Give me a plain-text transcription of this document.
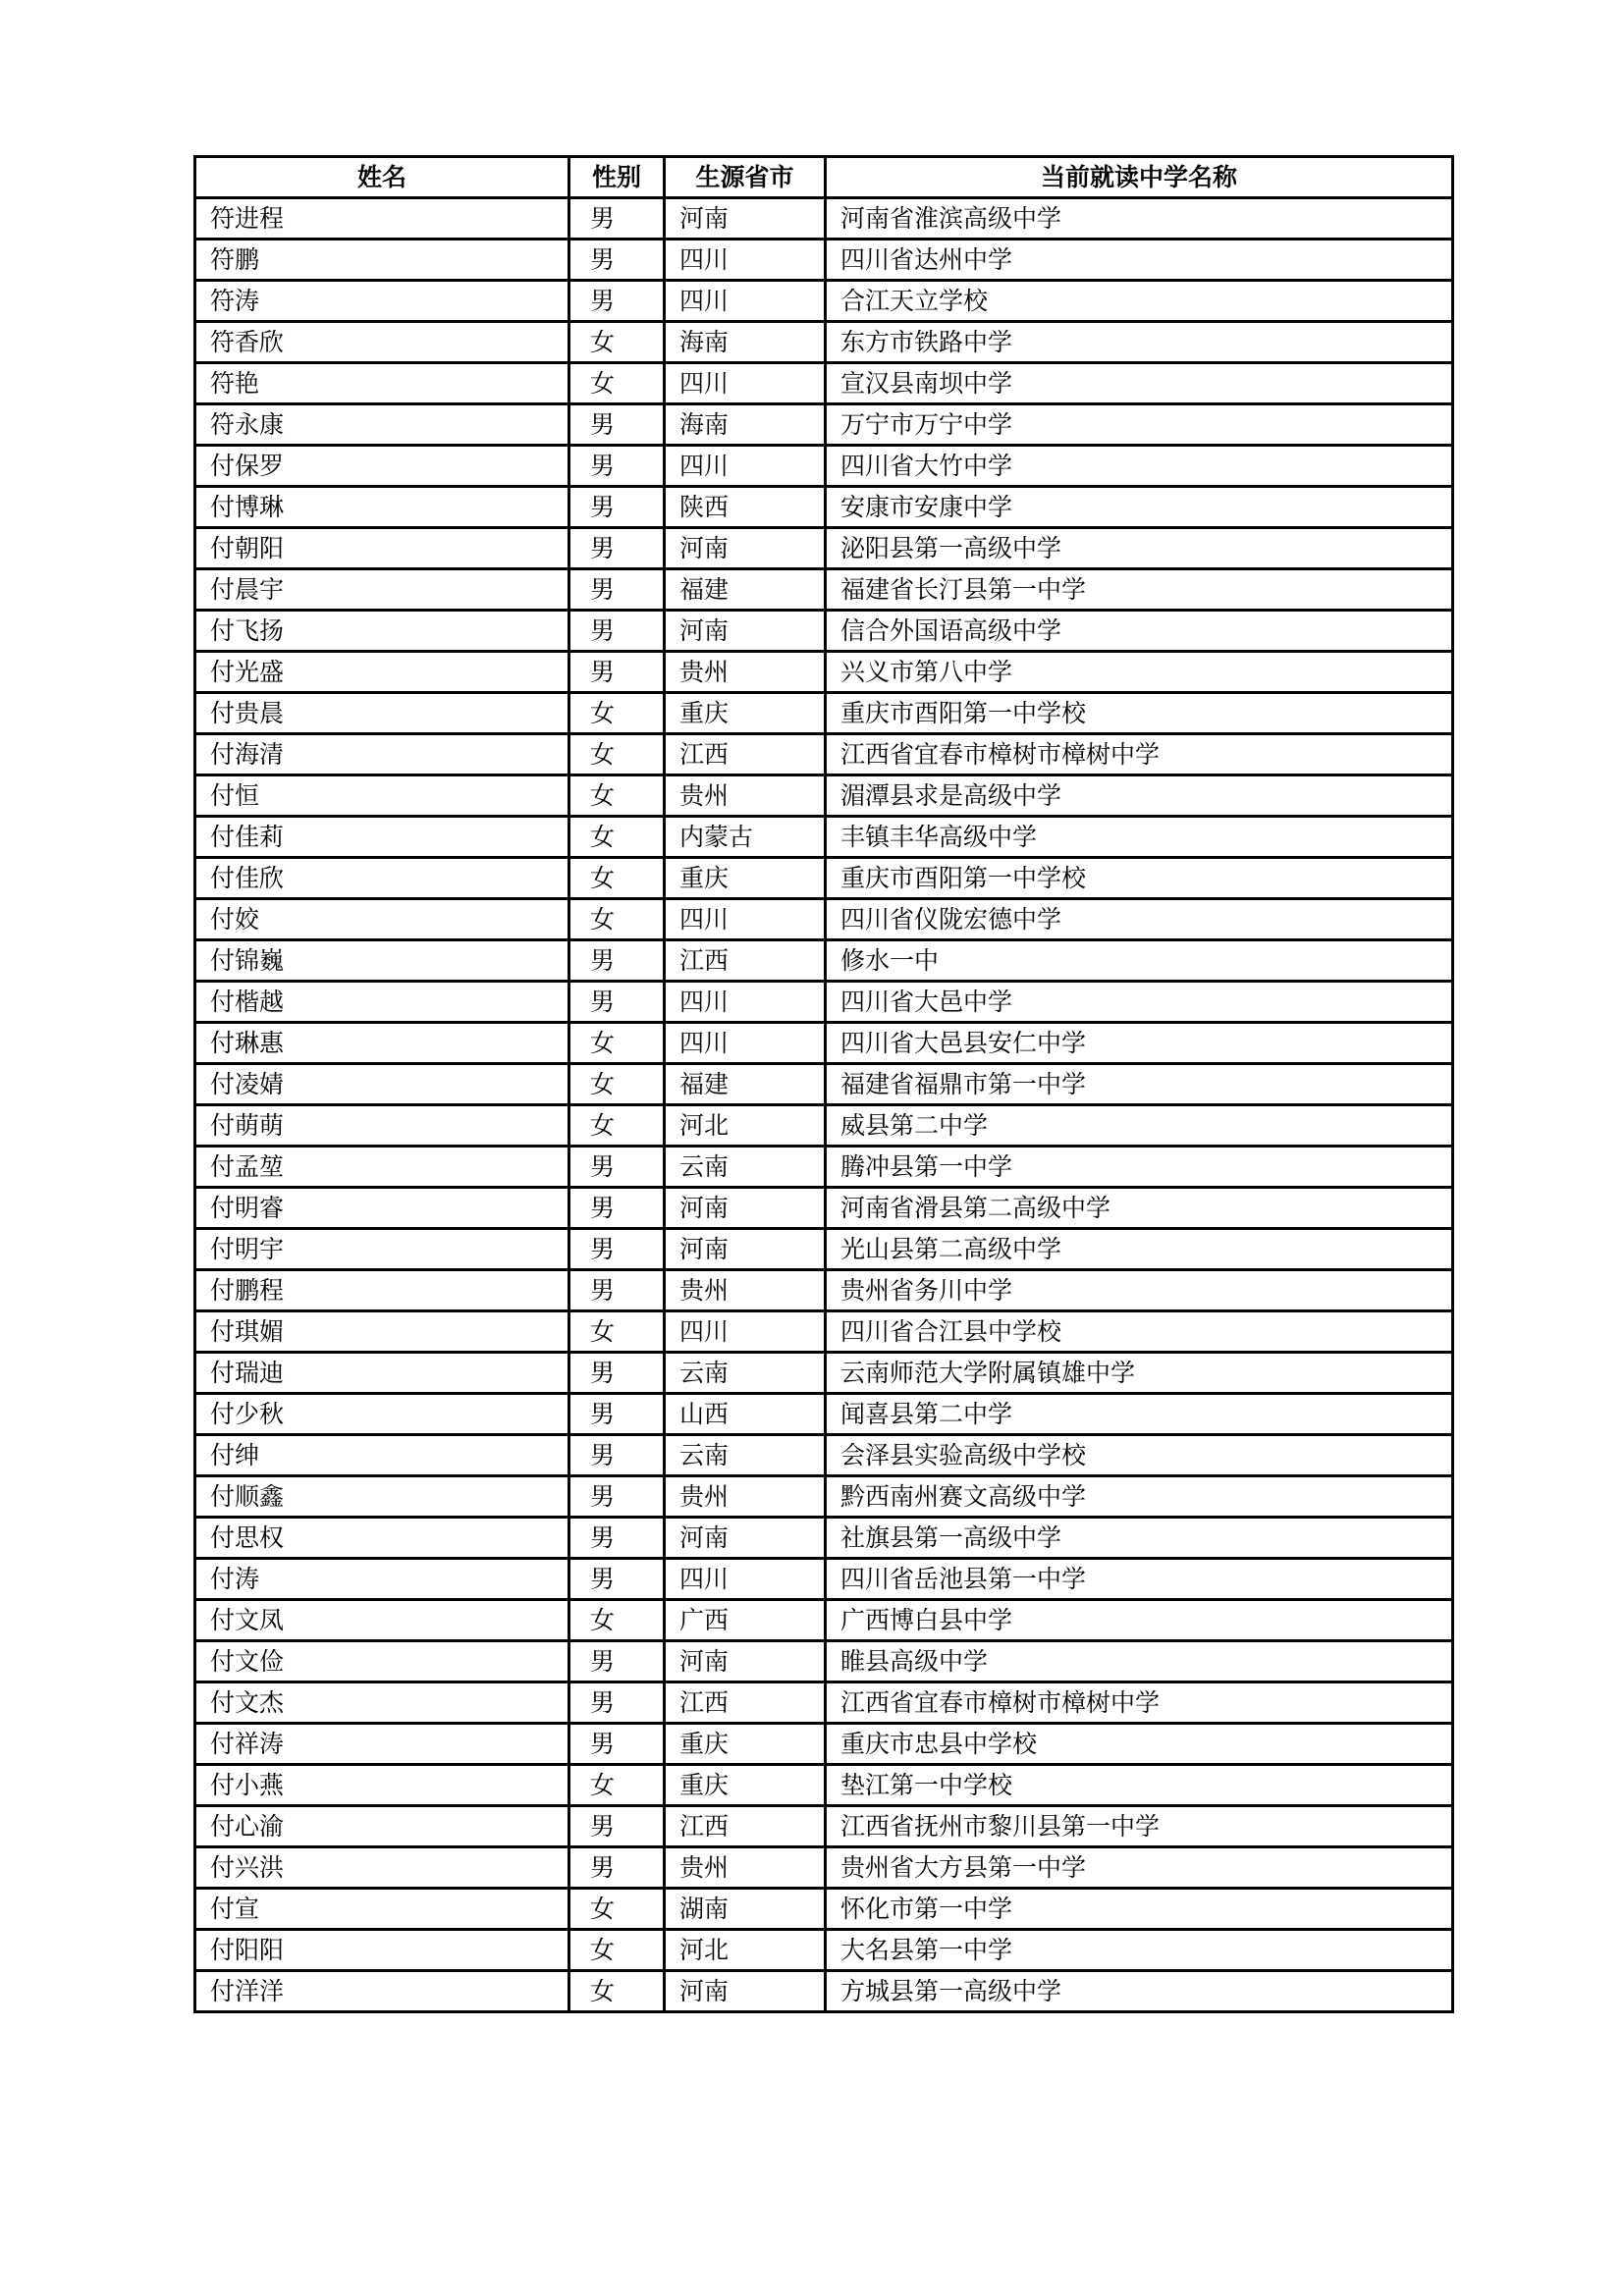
姓名	性别	生源省市	当前就读中学名称
符进程	男	河南	河南省淮滨高级中学
符鹏	男	四川	四川省达州中学
符涛	男	四川	合江天立学校
符香欣	女	海南	东方市铁路中学
符艳	女	四川	宣汉县南坝中学
符永康	男	海南	万宁市万宁中学
付保罗	男	四川	四川省大竹中学
付博琳	男	陕西	安康市安康中学
付朝阳	男	河南	泌阳县第一高级中学
付晨宇	男	福建	福建省长汀县第一中学
付飞扬	男	河南	信合外国语高级中学
付光盛	男	贵州	兴义市第八中学
付贵晨	女	重庆	重庆市酉阳第一中学校
付海清	女	江西	江西省宜春市樟树市樟树中学
付恒	女	贵州	湄潭县求是高级中学
付佳莉	女	内蒙古	丰镇丰华高级中学
付佳欣	女	重庆	重庆市酉阳第一中学校
付姣	女	四川	四川省仪陇宏德中学
付锦巍	男	江西	修水一中
付楷越	男	四川	四川省大邑中学
付琳惠	女	四川	四川省大邑县安仁中学
付凌婧	女	福建	福建省福鼎市第一中学
付萌萌	女	河北	威县第二中学
付孟堃	男	云南	腾冲县第一中学
付明睿	男	河南	河南省滑县第二高级中学
付明宇	男	河南	光山县第二高级中学
付鹏程	男	贵州	贵州省务川中学
付琪媚	女	四川	四川省合江县中学校
付瑞迪	男	云南	云南师范大学附属镇雄中学
付少秋	男	山西	闻喜县第二中学
付绅	男	云南	会泽县实验高级中学校
付顺鑫	男	贵州	黔西南州赛文高级中学
付思权	男	河南	社旗县第一高级中学
付涛	男	四川	四川省岳池县第一中学
付文凤	女	广西	广西博白县中学
付文俭	男	河南	睢县高级中学
付文杰	男	江西	江西省宜春市樟树市樟树中学
付祥涛	男	重庆	重庆市忠县中学校
付小燕	女	重庆	垫江第一中学校
付心渝	男	江西	江西省抚州市黎川县第一中学
付兴洪	男	贵州	贵州省大方县第一中学
付宣	女	湖南	怀化市第一中学
付阳阳	女	河北	大名县第一中学
付洋洋	女	河南	方城县第一高级中学
